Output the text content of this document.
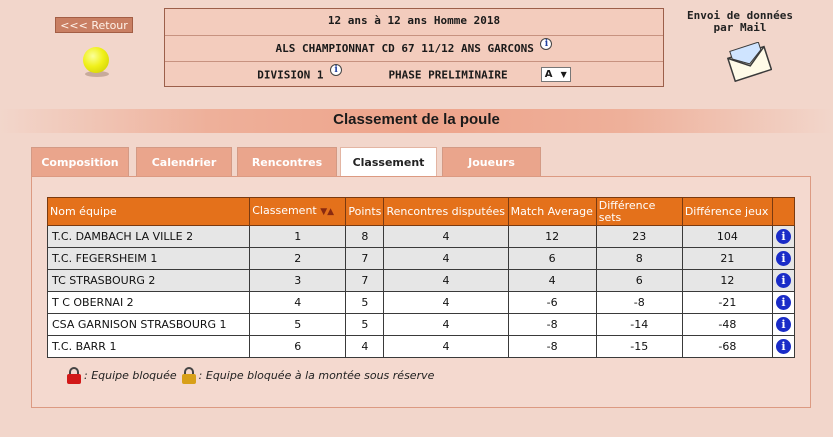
<<< Retour	12 ans à 12 ans Homme 2018
ALS CHAMPIONNAT CD 67 11/12 ANS GARCONS i
DIVISION 1 i	PHASE PRELIMINAIRE	A ▼
Envoi de données
par Mail
Classement de la poule
Composition	Calendrier	Rencontres	Classement	Joueurs
Nom équipe	Classement ▼▲	Points	Rencontres disputées	Match Average	Différence sets	Différence jeux	
T.C. DAMBACH LA VILLE 2	1	8	4	12	23	104	i
T.C. FEGERSHEIM 1	2	7	4	6	8	21	i
TC STRASBOURG 2	3	7	4	4	6	12	i
T C OBERNAI 2	4	5	4	-6	-8	-21	i
CSA GARNISON STRASBOURG 1	5	5	4	-8	-14	-48	i
T.C. BARR 1	6	4	4	-8	-15	-68	i
: Equipe bloquée : Equipe bloquée à la montée sous réserve
